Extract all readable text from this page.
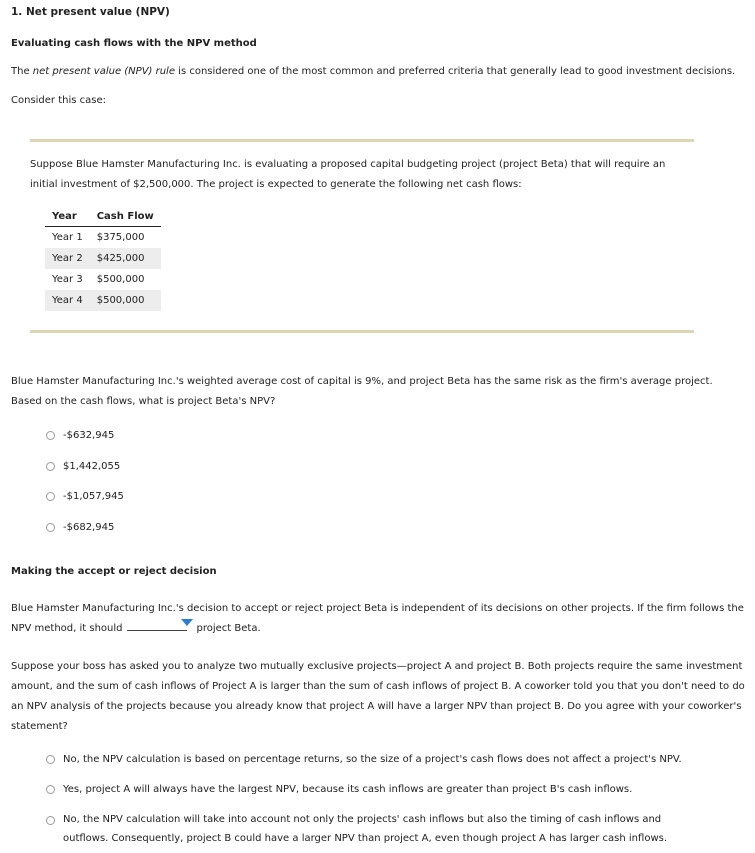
1. Net present value (NPV)
Evaluating cash flows with the NPV method
The net present value (NPV) rule is considered one of the most common and preferred criteria that generally lead to good investment decisions.
Consider this case:
Suppose Blue Hamster Manufacturing Inc. is evaluating a proposed capital budgeting project (project Beta) that will require an initial investment of $2,500,000. The project is expected to generate the following net cash flows:
Year	Cash Flow
Year 1	$375,000
Year 2	$425,000
Year 3	$500,000
Year 4	$500,000
Blue Hamster Manufacturing Inc.'s weighted average cost of capital is 9%, and project Beta has the same risk as the firm's average project. Based on the cash flows, what is project Beta's NPV?
-$632,945
$1,442,055
-$1,057,945
-$682,945
Making the accept or reject decision
Blue Hamster Manufacturing Inc.'s decision to accept or reject project Beta is independent of its decisions on other projects. If the firm follows the
NPV method, it should	project Beta.
Suppose your boss has asked you to analyze two mutually exclusive projects—project A and project B. Both projects require the same investment amount, and the sum of cash inflows of Project A is larger than the sum of cash inflows of project B. A coworker told you that you don't need to do an NPV analysis of the projects because you already know that project A will have a larger NPV than project B. Do you agree with your coworker's statement?
No, the NPV calculation is based on percentage returns, so the size of a project's cash flows does not affect a project's NPV.
Yes, project A will always have the largest NPV, because its cash inflows are greater than project B's cash inflows.
No, the NPV calculation will take into account not only the projects' cash inflows but also the timing of cash inflows and outflows. Consequently, project B could have a larger NPV than project A, even though project A has larger cash inflows.
